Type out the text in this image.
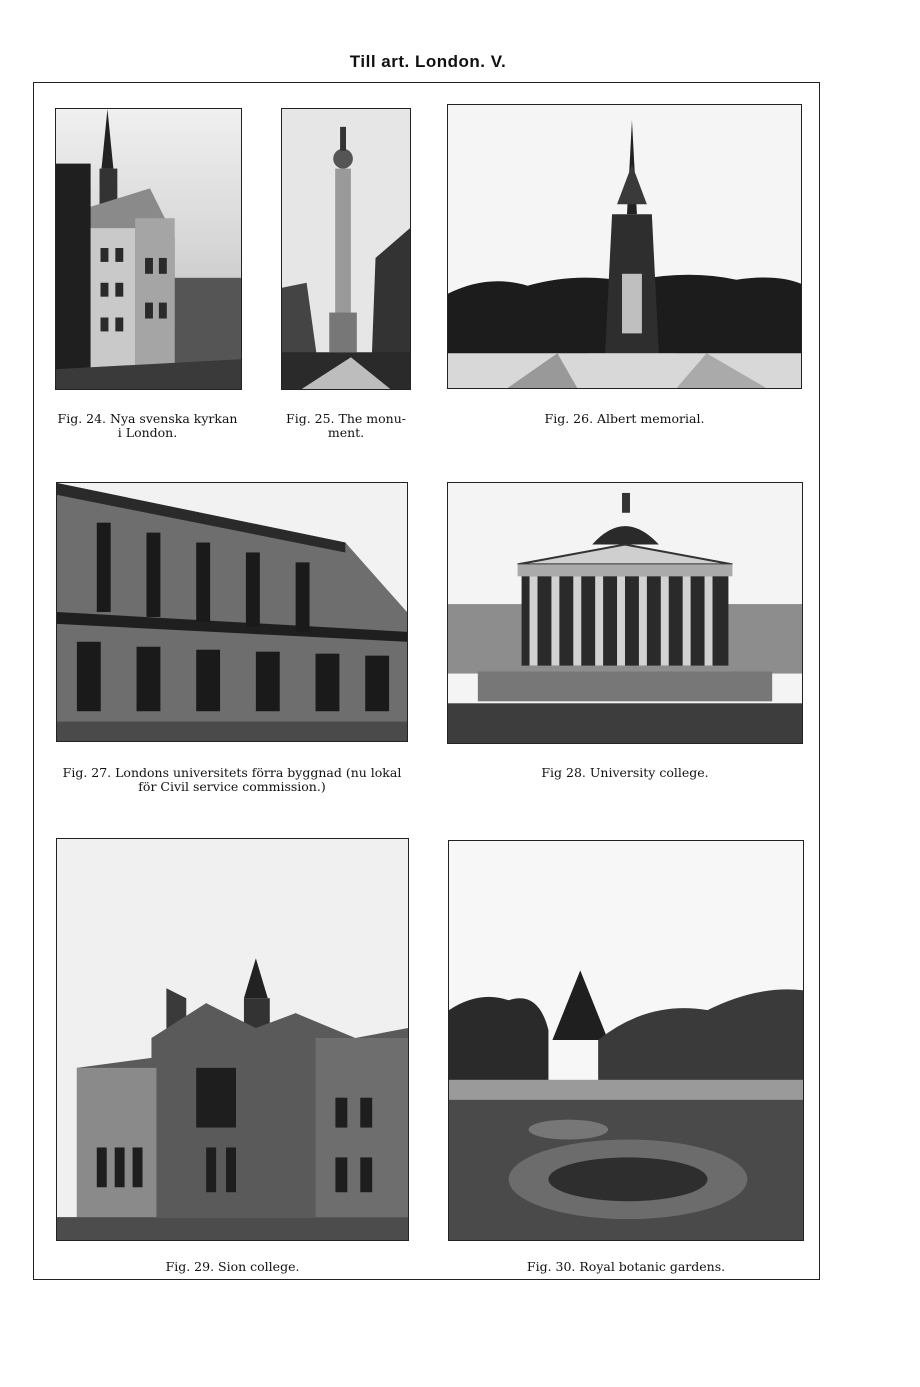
Till art. London. V.
Fig. 24. Nya svenska kyrkan
i London.
Fig. 25. The monu-
ment.
Fig. 26. Albert memorial.
Fig. 27. Londons universitets förra byggnad (nu lokal
för Civil service commission.)
Fig 28. University college.
Fig. 29. Sion college.	Fig. 30. Royal botanic gardens.
